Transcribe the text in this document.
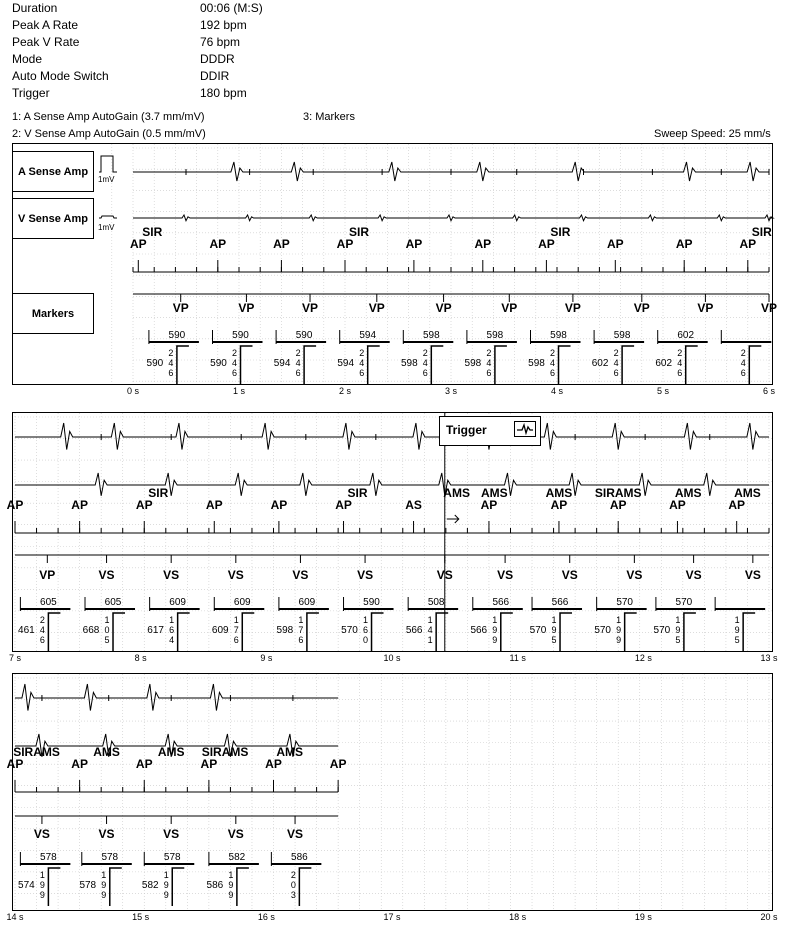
Duration	00:06 (M:S)
Peak A Rate	192 bpm
Peak V Rate	76 bpm
Mode	DDDR
Auto Mode Switch	DDIR
Trigger	180 bpm
1: A Sense Amp AutoGain (3.7 mm/mV)	3: Markers
2: V Sense Amp AutoGain (0.5 mm/mV)	Sweep Speed: 25 mm/s
1mV
1mV
AP
SIR
AP	AP	AP
SIR
AP	AP	AP
SIR
AP	AP	AP
SIR
VP	VP	VP	VP	VP	VP	VP	VP	VP	VP
590
2
4
6
590
590
2
4
6
590
590
2
4
6
594
594
2
4
6
594
598
2
4
6
598
598
2
4
6
598
598
2
4
6
598
598
2
4
6
602
602
2
4
6
602
2
4
6
A Sense Amp
V Sense Amp
Markers
AP	AP	AP
SIR
AP	AP	AP
SIR
AS
AMS AMS
AP
AMS
AP
SIRAMS
AP	AP
AMS
AP
AMS
VP	VS	VS	VS	VS	VS	VS	VS	VS	VS	VS	VS
605
2
4
6
461
605
1
0
5
668
609
1
6
4
617
609
1
7
6
609
609
1
7
6
598
590
1
6
0
570
508
1
4
1
566
566
1
9
9
566
566
1
9
5
570
570
1
9
9
570
570
1
9
5
570
1
9
5
Trigger
AP
SIRAMS
AP
AMS
AP
AMS
AP
SIRAMS
AP
AMS
AP
VS	VS	VS	VS	VS
578
1
9
9
574
578
1
9
9
578
578
1
9
9
582
582
1
9
9
586
586
2
0
3
0 s	1 s	2 s	3 s	4 s	5 s	6 s
7 s	8 s	9 s	10 s	11 s	12 s	13 s
14 s	15 s	16 s	17 s	18 s	19 s	20 s
